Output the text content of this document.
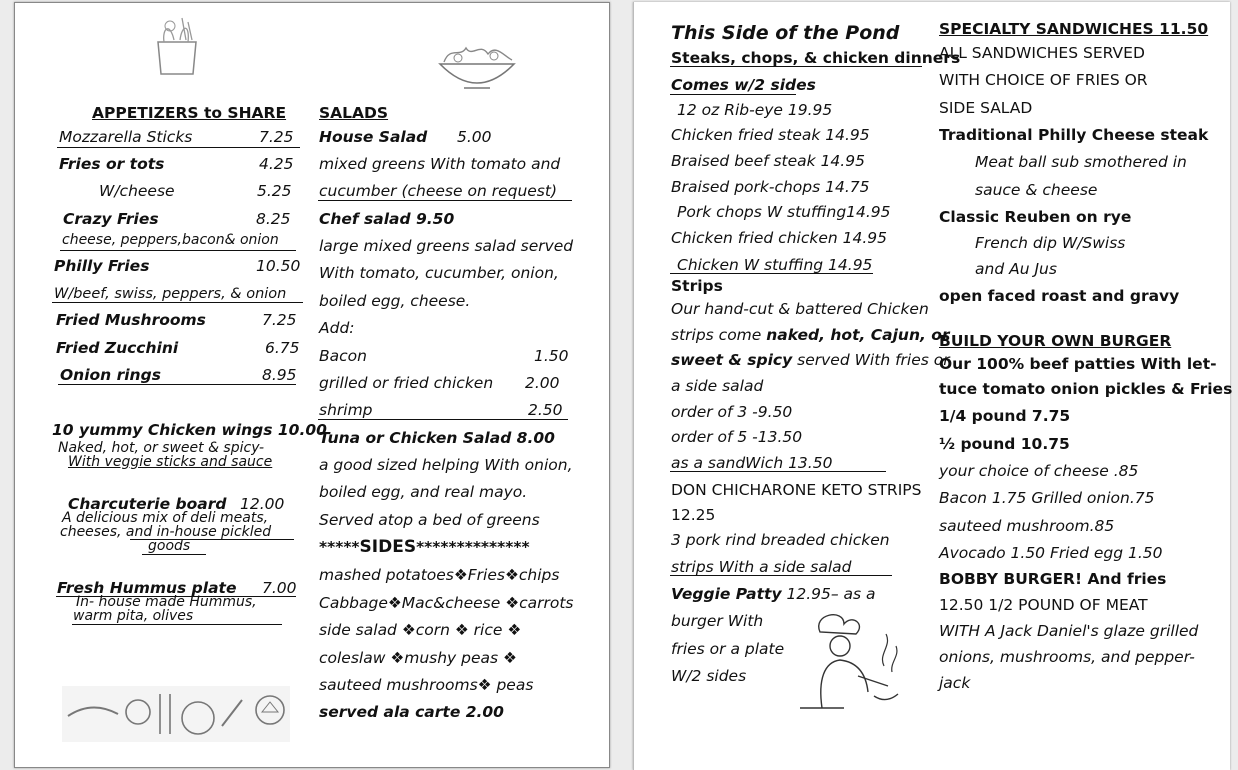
APPETIZERS to SHARE
Mozzarella Sticks	7.25
Fries or tots	4.25
W/cheese	5.25
Crazy Fries	8.25
cheese, peppers,bacon& onion
Philly Fries	10.50
W/beef, swiss, peppers, & onion
Fried Mushrooms	7.25
Fried Zucchini	6.75
Onion rings	8.95
10 yummy Chicken wings 10.00
Naked, hot, or sweet & spicy-
With veggie sticks and sauce
Charcuterie board 12.00
A delicious mix of deli meats,
cheeses, and in-house pickled
goods
Fresh Hummus plate 7.00
In- house made Hummus,
warm pita, olives
SALADS
House Salad 5.00
mixed greens With tomato and
cucumber (cheese on request)
Chef salad 9.50
large mixed greens salad served
With tomato, cucumber, onion,
boiled egg, cheese.
Add:
Bacon	1.50
grilled or fried chicken 2.00
shrimp	2.50
Tuna or Chicken Salad 8.00
a good sized helping With onion,
boiled egg, and real mayo.
Served atop a bed of greens
*****SIDES**************
mashed potatoes❖Fries❖chips
Cabbage❖Mac&cheese ❖carrots
side salad ❖corn ❖ rice ❖
coleslaw ❖mushy peas ❖
sauteed mushrooms❖ peas
served ala carte 2.00
This Side of the Pond
Steaks, chops, & chicken dinners
Comes w/2 sides
12 oz Rib-eye 19.95
Chicken fried steak 14.95
Braised beef steak 14.95
Braised pork-chops 14.75
Pork chops W stuffing14.95
Chicken fried chicken 14.95
Chicken W stuffing 14.95
Strips
Our hand-cut & battered Chicken
strips come naked, hot, Cajun, or
sweet & spicy served With fries or
a side salad
order of 3 -9.50
order of 5 -13.50
as a sandWich 13.50
DON CHICHARONE KETO STRIPS
12.25
3 pork rind breaded chicken
strips With a side salad
Veggie Patty 12.95– as a
burger With
fries or a plate
W/2 sides
SPECIALTY SANDWICHES 11.50
ALL SANDWICHES SERVED
WITH CHOICE OF FRIES OR
SIDE SALAD
Traditional Philly Cheese steak
Meat ball sub smothered in
sauce & cheese
Classic Reuben on rye
French dip W/Swiss
and Au Jus
open faced roast and gravy
BUILD YOUR OWN BURGER
Our 100% beef patties With let-
tuce tomato onion pickles & Fries
1/4 pound 7.75
½ pound 10.75
your choice of cheese .85
Bacon 1.75 Grilled onion.75
sauteed mushroom.85
Avocado 1.50 Fried egg 1.50
BOBBY BURGER! And fries
12.50 1/2 POUND OF MEAT
WITH A Jack Daniel's glaze grilled
onions, mushrooms, and pepper-
jack
